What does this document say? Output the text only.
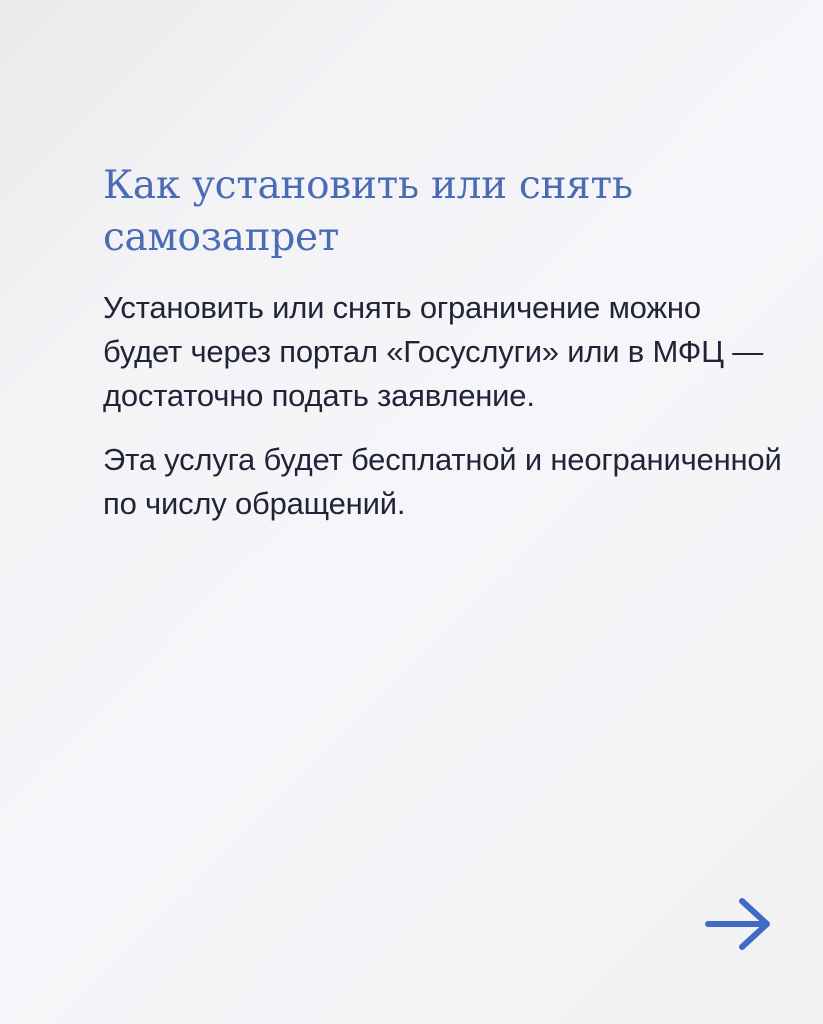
Как установить или снять самозапрет

Установить или снять ограничение можно будет через портал «Госуслуги» или в МФЦ — достаточно подать заявление.

Эта услуга будет бесплатной и неограниченной по числу обращений.
